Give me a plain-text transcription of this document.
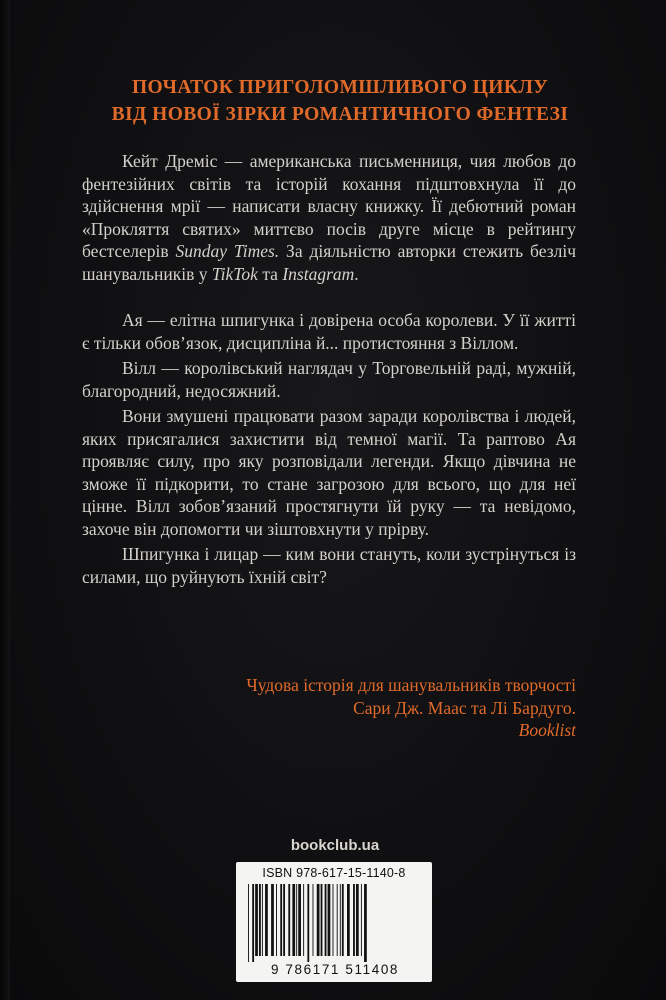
ПОЧАТОК ПРИГОЛОМШЛИВОГО ЦИКЛУ
ВІД НОВОЇ ЗІРКИ РОМАНТИЧНОГО ФЕНТЕЗІ

Кейт Дреміс — американська письменниця, чия любов до фентезійних світів та історій кохання підштовхнула її до здійснення мрії — написати власну книжку. Її дебютний роман «Прокляття святих» миттєво посів друге місце в рейтингу бестселерів Sunday Times. За діяльністю авторки стежить безліч шанувальників у TikTok та Instagram.

Ая — елітна шпигунка і довірена особа королеви. У її житті є тільки обов’язок, дисципліна й... протистояння з Віллом.

Вілл — королівський наглядач у Торговельній раді, мужній, благородний, недосяжний.

Вони змушені працювати разом заради королівства і людей, яких присягалися захистити від темної магії. Та раптово Ая проявляє силу, про яку розповідали легенди. Якщо дівчина не зможе її підкорити, то стане загрозою для всього, що для неї цінне. Вілл зобов’язаний простягнути їй руку — та невідомо, захоче він допомогти чи зіштовхнути у прірву.

Шпигунка і лицар — ким вони стануть, коли зустрінуться із силами, що руйнують їхній світ?

Чудова історія для шанувальників творчості
Сари Дж. Маас та Лі Бардуго.
Booklist
bookclub.ua
ISBN 978-617-15-1140-8
9 786171 511408
